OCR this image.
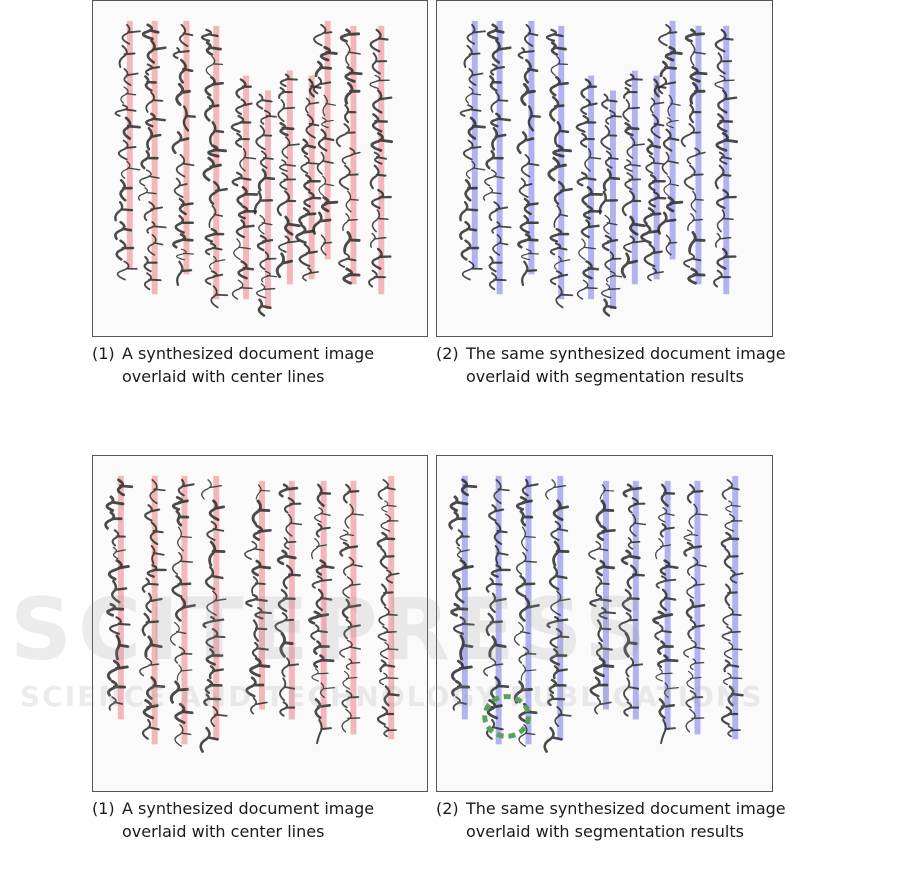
(1) A synthesized document image
overlaid with center lines
(2) The same synthesized document image
overlaid with segmentation results
(1) A synthesized document image
overlaid with center lines
(2) The same synthesized document image
overlaid with segmentation results
